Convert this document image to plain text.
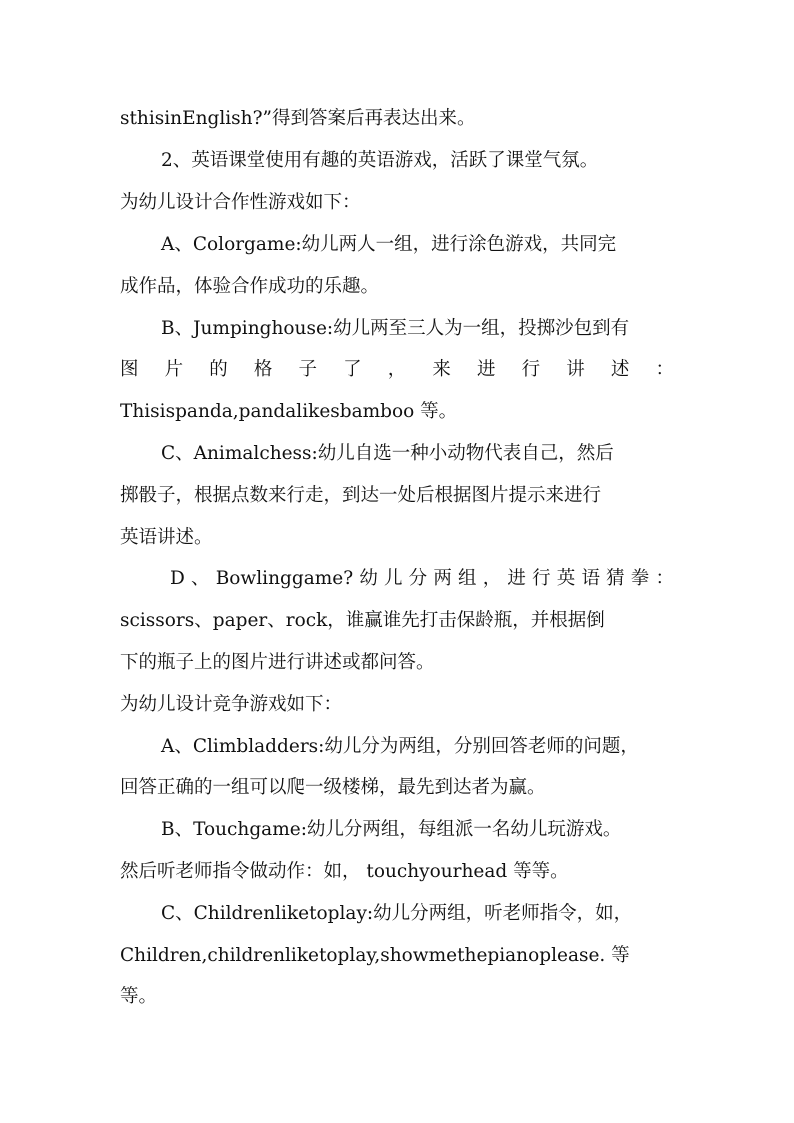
sthisinEnglish?”得到答案后再表达出来。
2、英语课堂使用有趣的英语游戏，活跃了课堂气氛。
为幼儿设计合作性游戏如下：
A、Colorgame:幼儿两人一组，进行涂色游戏，共同完
成作品，体验合作成功的乐趣。
B、Jumpinghouse:幼儿两至三人为一组，投掷沙包到有
图 片 的 格 子 了 ， 来 进 行 讲 述 ：
Thisispanda,pandalikesbamboo 等。
C、Animalchess:幼儿自选一种小动物代表自己，然后
掷骰子，根据点数来行走，到达一处后根据图片提示来进行
英语讲述。
D、Bowlinggame?幼儿分两组，进行英语猜拳：
scissors、paper、rock，谁赢谁先打击保龄瓶，并根据倒
下的瓶子上的图片进行讲述或都问答。
为幼儿设计竞争游戏如下：
A、Climbladders:幼儿分为两组，分别回答老师的问题，
回答正确的一组可以爬一级楼梯，最先到达者为赢。
B、Touchgame:幼儿分两组，每组派一名幼儿玩游戏。
然后听老师指令做动作：如， touchyourhead 等等。
C、Childrenliketoplay:幼儿分两组，听老师指令，如，
Children,childrenliketoplay,showmethepianoplease. 等
等。
